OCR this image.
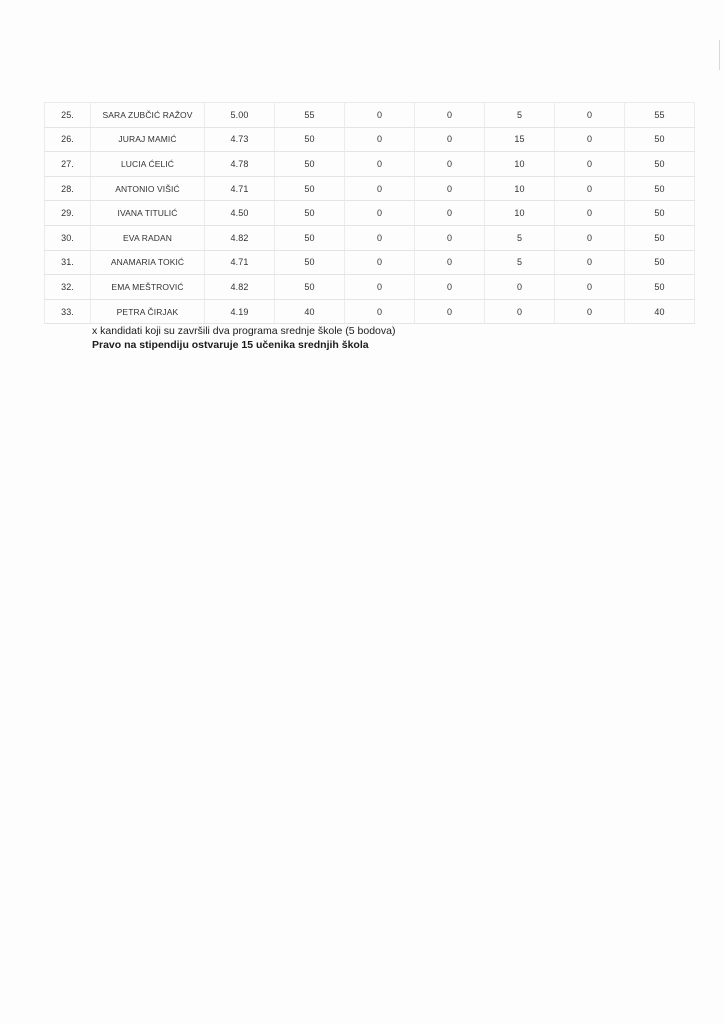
25.	SARA ZUBČIĆ RAŽOV	5.00	55	0	0	5	0	55
26.	JURAJ MAMIĆ	4.73	50	0	0	15	0	50
27.	LUCIA ĆELIĆ	4.78	50	0	0	10	0	50
28.	ANTONIO VIŠIĆ	4.71	50	0	0	10	0	50
29.	IVANA TITULIĆ	4.50	50	0	0	10	0	50
30.	EVA RADAN	4.82	50	0	0	5	0	50
31.	ANAMARIA TOKIĆ	4.71	50	0	0	5	0	50
32.	EMA MEŠTROVIĆ	4.82	50	0	0	0	0	50
33.	PETRA ČIRJAK	4.19	40	0	0	0	0	40
x kandidati koji su završili dva programa srednje škole (5 bodova)
Pravo na stipendiju ostvaruje 15 učenika srednjih škola
